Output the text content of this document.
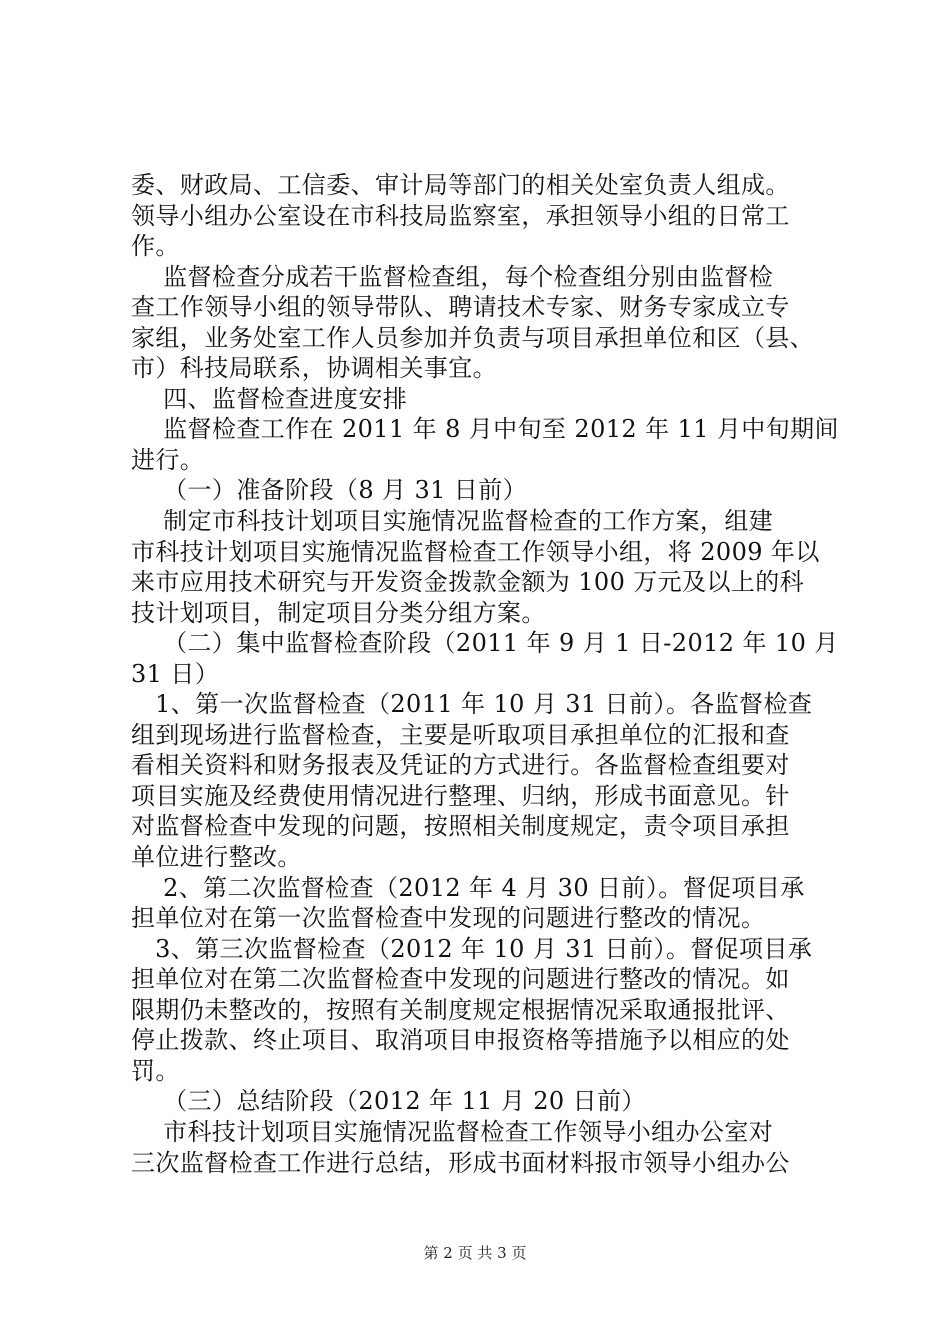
委、财政局、工信委、审计局等部门的相关处室负责人组成。
领导小组办公室设在市科技局监察室，承担领导小组的日常工
作。
监督检查分成若干监督检查组，每个检查组分别由监督检
查工作领导小组的领导带队、聘请技术专家、财务专家成立专
家组，业务处室工作人员参加并负责与项目承担单位和区（县、
市）科技局联系，协调相关事宜。
四、监督检查进度安排
监督检查工作在 2011 年 8 月中旬至 2012 年 11 月中旬期间
进行。
（一）准备阶段（8 月 31 日前）
制定市科技计划项目实施情况监督检查的工作方案，组建
市科技计划项目实施情况监督检查工作领导小组，将 2009 年以
来市应用技术研究与开发资金拨款金额为 100 万元及以上的科
技计划项目，制定项目分类分组方案。
（二）集中监督检查阶段（2011 年 9 月 1 日-2012 年 10 月
31 日）
1、第一次监督检查（2011 年 10 月 31 日前）。各监督检查
组到现场进行监督检查，主要是听取项目承担单位的汇报和查
看相关资料和财务报表及凭证的方式进行。各监督检查组要对
项目实施及经费使用情况进行整理、归纳，形成书面意见。针
对监督检查中发现的问题，按照相关制度规定，责令项目承担
单位进行整改。
2、第二次监督检查（2012 年 4 月 30 日前）。督促项目承
担单位对在第一次监督检查中发现的问题进行整改的情况。
3、第三次监督检查（2012 年 10 月 31 日前）。督促项目承
担单位对在第二次监督检查中发现的问题进行整改的情况。如
限期仍未整改的，按照有关制度规定根据情况采取通报批评、
停止拨款、终止项目、取消项目申报资格等措施予以相应的处
罚。
（三）总结阶段（2012 年 11 月 20 日前）
市科技计划项目实施情况监督检查工作领导小组办公室对
三次监督检查工作进行总结，形成书面材料报市领导小组办公
第 2 页 共 3 页
